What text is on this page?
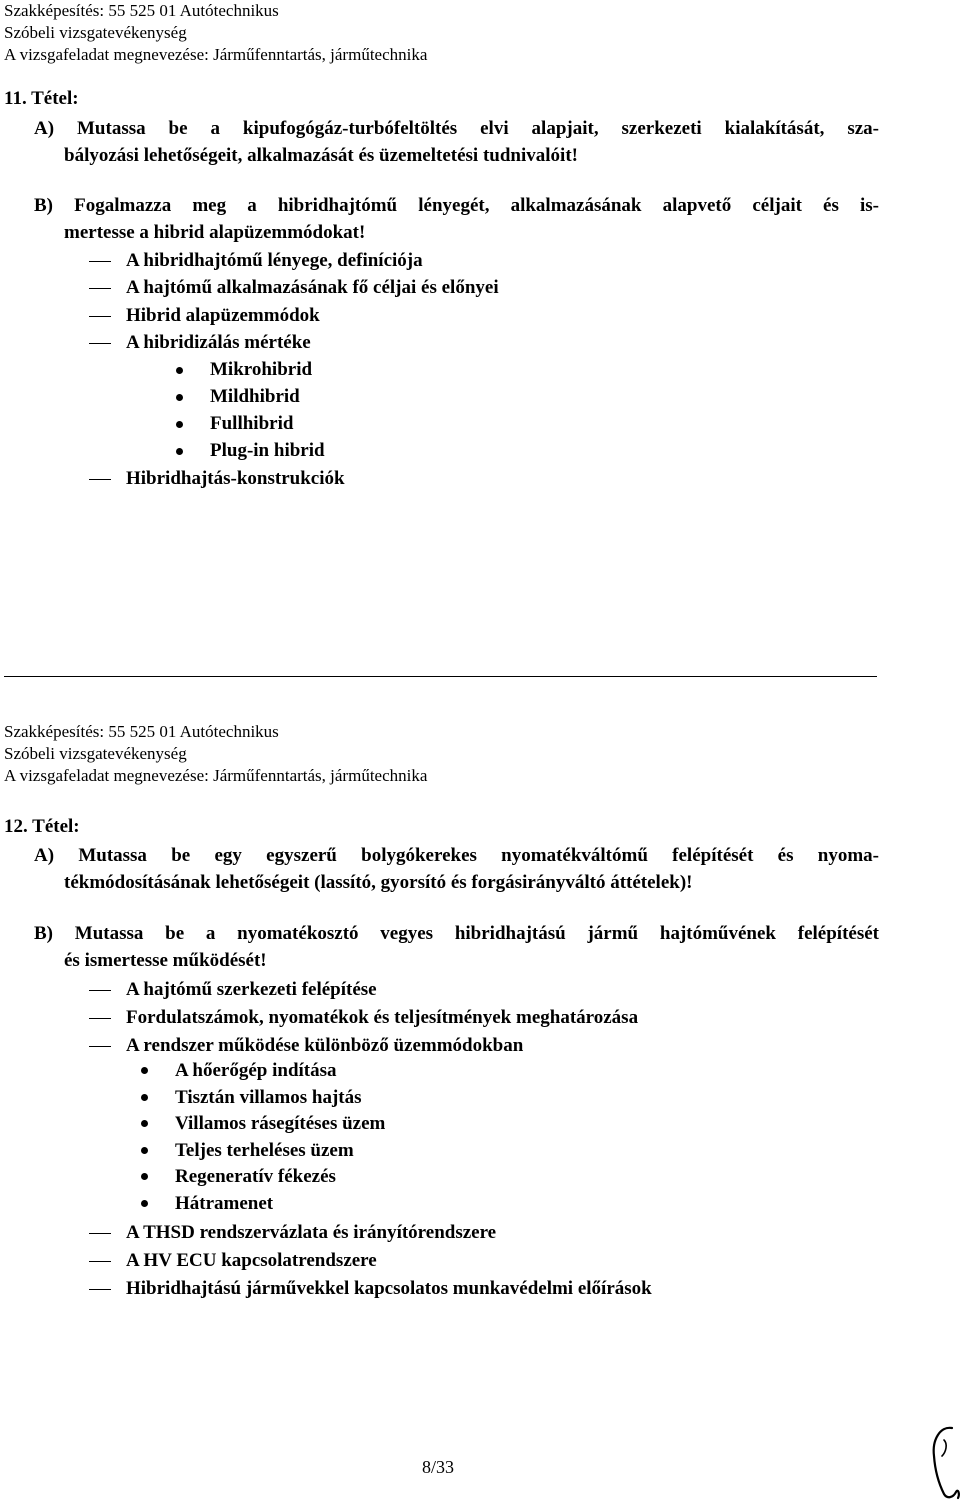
Szakképesítés: 55 525 01 Autótechnikus
Szóbeli vizsgatevékenység
A vizsgafeladat megnevezése: Járműfenntartás, járműtechnika
11. Tétel:
A) Mutassa be a kipufogógáz-turbófeltöltés elvi alapjait, szerkezeti kialakítását, sza-
bályozási lehetőségeit, alkalmazását és üzemeltetési tudnivalóit!
B) Fogalmazza meg a hibridhajtómű lényegét, alkalmazásának alapvető céljait és is-
mertesse a hibrid alapüzemmódokat!
A hibridhajtómű lényege, definíciója
A hajtómű alkalmazásának fő céljai és előnyei
Hibrid alapüzemmódok
A hibridizálás mértéke
Mikrohibrid
Mildhibrid
Fullhibrid
Plug-in hibrid
Hibridhajtás-konstrukciók
Szakképesítés: 55 525 01 Autótechnikus
Szóbeli vizsgatevékenység
A vizsgafeladat megnevezése: Járműfenntartás, járműtechnika
12. Tétel:
A) Mutassa be egy egyszerű bolygókerekes nyomatékváltómű felépítését és nyoma-
tékmódosításának lehetőségeit (lassító, gyorsító és forgásirányváltó áttételek)!
B) Mutassa be a nyomatékosztó vegyes hibridhajtású jármű hajtóművének felépítését
és ismertesse működését!
A hajtómű szerkezeti felépítése
Fordulatszámok, nyomatékok és teljesítmények meghatározása
A rendszer működése különböző üzemmódokban
A hőerőgép indítása
Tisztán villamos hajtás
Villamos rásegítéses üzem
Teljes terheléses üzem
Regeneratív fékezés
Hátramenet
A THSD rendszervázlata és irányítórendszere
A HV ECU kapcsolatrendszere
Hibridhajtású járművekkel kapcsolatos munkavédelmi előírások
8/33
